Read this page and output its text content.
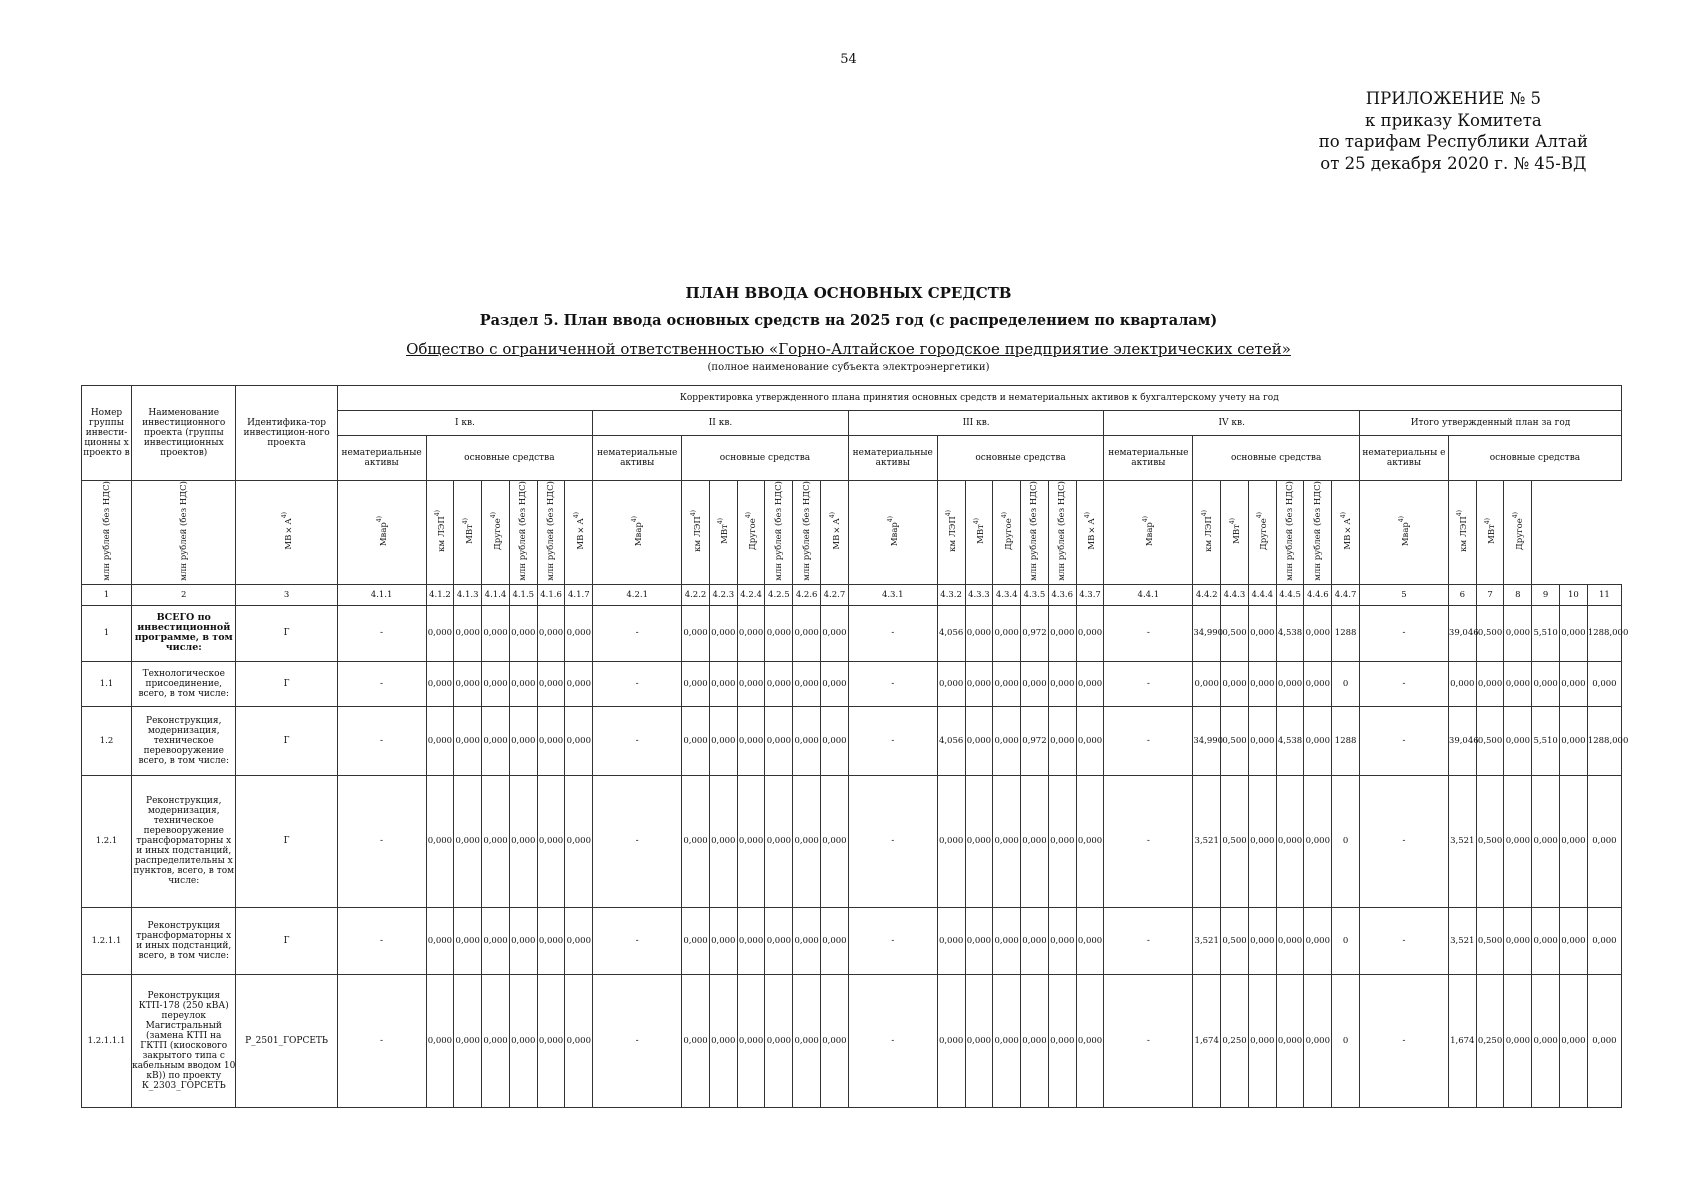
54
ПРИЛОЖЕНИЕ № 5
к приказу Комитета
по тарифам Республики Алтай
от 25 декабря 2020 г. № 45-ВД
ПЛАН ВВОДА ОСНОВНЫХ СРЕДСТВ
Раздел 5. План ввода основных средств на 2025 год (с распределением по кварталам)
Общество с ограниченной ответственностью «Горно-Алтайское городское предприятие электрических сетей»
(полное наименование субъекта электроэнергетики)
Номер группы инвести-ционны х проекто в	Наименование инвестиционного проекта (группы инвестиционных проектов)	Идентифика-тор инвестицион-ного проекта	Корректировка утвержденного плана принятия основных средств и нематериальных активов к бухгалтерскому учету на год																																		
			I кв.							II кв.							III кв.							IV кв.							Итого утвержденный план за год						
			нематериальные активы	основные средства						нематериальные активы	основные средства						нематериальные активы	основные средства						нематериальные активы	основные средства						нематериальны е активы	основные средства					
млн рублей (без НДС)	млн рублей (без НДС)	$МВ\times А^{4)}$	Мвар$^{4)}$	км ЛЭП$^{4)}$	МВт$^{4)}$	Другое$^{4)}$	млн рублей (без НДС)	млн рублей (без НДС)	$МВ\times А^{4)}$	Мвар$^{4)}$	км ЛЭП$^{4)}$	МВт$^{4)}$	Другое$^{4)}$	млн рублей (без НДС)	млн рублей (без НДС)	$МВ\times А^{4)}$	Мвар$^{4)}$	км ЛЭП$^{4)}$	МВт$^{4)}$	Другое$^{4)}$	млн рублей (без НДС)	млн рублей (без НДС)	$МВ\times А^{4)}$	Мвар$^{4)}$	км ЛЭП$^{4)}$	МВт$^{4)}$	Другое$^{4)}$	млн рублей (без НДС)	млн рублей (без НДС)	$МВ\times А^{4)}$	Мвар$^{4)}$	км ЛЭП$^{4)}$	МВт$^{4)}$	Другое$^{4)}$
1	2	3	4.1.1	4.1.2	4.1.3	4.1.4	4.1.5	4.1.6	4.1.7	4.2.1	4.2.2	4.2.3	4.2.4	4.2.5	4.2.6	4.2.7	4.3.1	4.3.2	4.3.3	4.3.4	4.3.5	4.3.6	4.3.7	4.4.1	4.4.2	4.4.3	4.4.4	4.4.5	4.4.6	4.4.7	5	6	7	8	9	10	11
1	ВСЕГО по инвестиционной программе, в том числе:	Г	-	0,000	0,000	0,000	0,000	0,000	0,000	-	0,000	0,000	0,000	0,000	0,000	0,000	-	4,056	0,000	0,000	0,972	0,000	0,000	-	34,990	0,500	0,000	4,538	0,000	1288	-	39,046	0,500	0,000	5,510	0,000	1288,000
1.1	Технологическое присоединение, всего, в том числе:	Г	-	0,000	0,000	0,000	0,000	0,000	0,000	-	0,000	0,000	0,000	0,000	0,000	0,000	-	0,000	0,000	0,000	0,000	0,000	0,000	-	0,000	0,000	0,000	0,000	0,000	0	-	0,000	0,000	0,000	0,000	0,000	0,000
1.2	Реконструкция, модернизация, техническое перевооружение всего, в том числе:	Г	-	0,000	0,000	0,000	0,000	0,000	0,000	-	0,000	0,000	0,000	0,000	0,000	0,000	-	4,056	0,000	0,000	0,972	0,000	0,000	-	34,990	0,500	0,000	4,538	0,000	1288	-	39,046	0,500	0,000	5,510	0,000	1288,000
1.2.1	Реконструкция, модернизация, техническое перевооружение трансформаторны х и иных подстанций, распределительны х пунктов, всего, в том числе:	Г	-	0,000	0,000	0,000	0,000	0,000	0,000	-	0,000	0,000	0,000	0,000	0,000	0,000	-	0,000	0,000	0,000	0,000	0,000	0,000	-	3,521	0,500	0,000	0,000	0,000	0	-	3,521	0,500	0,000	0,000	0,000	0,000
1.2.1.1	Реконструкция трансформаторны х и иных подстанций, всего, в том числе:	Г	-	0,000	0,000	0,000	0,000	0,000	0,000	-	0,000	0,000	0,000	0,000	0,000	0,000	-	0,000	0,000	0,000	0,000	0,000	0,000	-	3,521	0,500	0,000	0,000	0,000	0	-	3,521	0,500	0,000	0,000	0,000	0,000
1.2.1.1.1	Реконструкция КТП-178 (250 кВА) переулок Магистральный (замена КТП на ГКТП (киоскового закрытого типа с кабельным вводом 10 кВ)) по проекту К_2303_ГОРСЕТЬ	Р_2501_ГОРСЕТЬ	-	0,000	0,000	0,000	0,000	0,000	0,000	-	0,000	0,000	0,000	0,000	0,000	0,000	-	0,000	0,000	0,000	0,000	0,000	0,000	-	1,674	0,250	0,000	0,000	0,000	0	-	1,674	0,250	0,000	0,000	0,000	0,000
